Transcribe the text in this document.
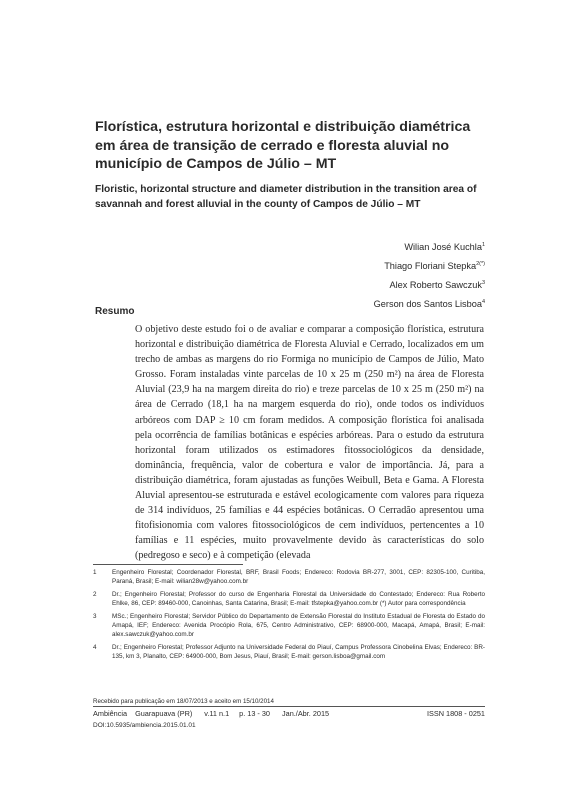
Florística, estrutura horizontal e distribuição diamétrica em área de transição de cerrado e floresta aluvial no município de Campos de Júlio – MT
Floristic, horizontal structure and diameter distribution in the transition area of savannah and forest alluvial in the county of Campos de Júlio – MT
Wilian José Kuchla$^1$
Thiago Floriani Stepka$^{2(*)}$
Alex Roberto Sawczuk$^3$
Gerson dos Santos Lisboa$^4$
Resumo

O objetivo deste estudo foi o de avaliar e comparar a composição florística, estrutura horizontal e distribuição diamétrica de Floresta Aluvial e Cerrado, localizados em um trecho de ambas as margens do rio Formiga no município de Campos de Júlio, Mato Grosso. Foram instaladas vinte parcelas de 10 x 25 m (250 m²) na área de Floresta Aluvial (23,9 ha na margem direita do rio) e treze parcelas de 10 x 25 m (250 m²) na área de Cerrado (18,1 ha na margem esquerda do rio), onde todos os indivíduos arbóreos com DAP ≥ 10 cm foram medidos. A composição florística foi analisada pela ocorrência de famílias botânicas e espécies arbóreas. Para o estudo da estrutura horizontal foram utilizados os estimadores fitossociológicos da densidade, dominância, frequência, valor de cobertura e valor de importância. Já, para a distribuição diamétrica, foram ajustadas as funções Weibull, Beta e Gama. A Floresta Aluvial apresentou-se estruturada e estável ecologicamente com valores para riqueza de 314 indivíduos, 25 famílias e 44 espécies botânicas. O Cerradão apresentou uma fitofisionomia com valores fitossociológicos de cem indivíduos, pertencentes a 10 famílias e 11 espécies, muito provavelmente devido às características do solo (pedregoso e seco) e à competição (elevada

1	Engenheiro Florestal; Coordenador Florestal, BRF, Brasil Foods; Endereco: Rodovia BR-277, 3001, CEP: 82305-100, Curitiba, Paraná, Brasil; E-mail: wilian28w@yahoo.com.br
2	Dr.; Engenheiro Florestal; Professor do curso de Engenharia Florestal da Universidade do Contestado; Endereco: Rua Roberto Ehlke, 86, CEP: 89460-000, Canoinhas, Santa Catarina, Brasil; E-mail: tfstepka@yahoo.com.br (*) Autor para correspondência
3	MSc.; Engenheiro Florestal; Servidor Público do Departamento de Extensão Florestal do Instituto Estadual de Floresta do Estado do Amapá, IEF; Endereco: Avenida Procópio Rola, 675, Centro Administrativo, CEP: 68900-000, Macapá, Amapá, Brasil; E-mail: alex.sawczuk@yahoo.com.br
4	Dr.; Engenheiro Florestal; Professor Adjunto na Universidade Federal do Piauí, Campus Professora Cinobelina Elvas; Endereco: BR-135, km 3, Planalto, CEP: 64900-000, Bom Jesus, Piauí, Brasil; E-mail: gerson.lisboa@gmail.com
Recebido para publicação em 18/07/2013 e aceito em 15/10/2014
Ambiência Guarapuava (PR) v.11 n.1 p. 13 - 30 Jan./Abr. 2015	ISSN 1808 - 0251
DOI:10.5935/ambiencia.2015.01.01
